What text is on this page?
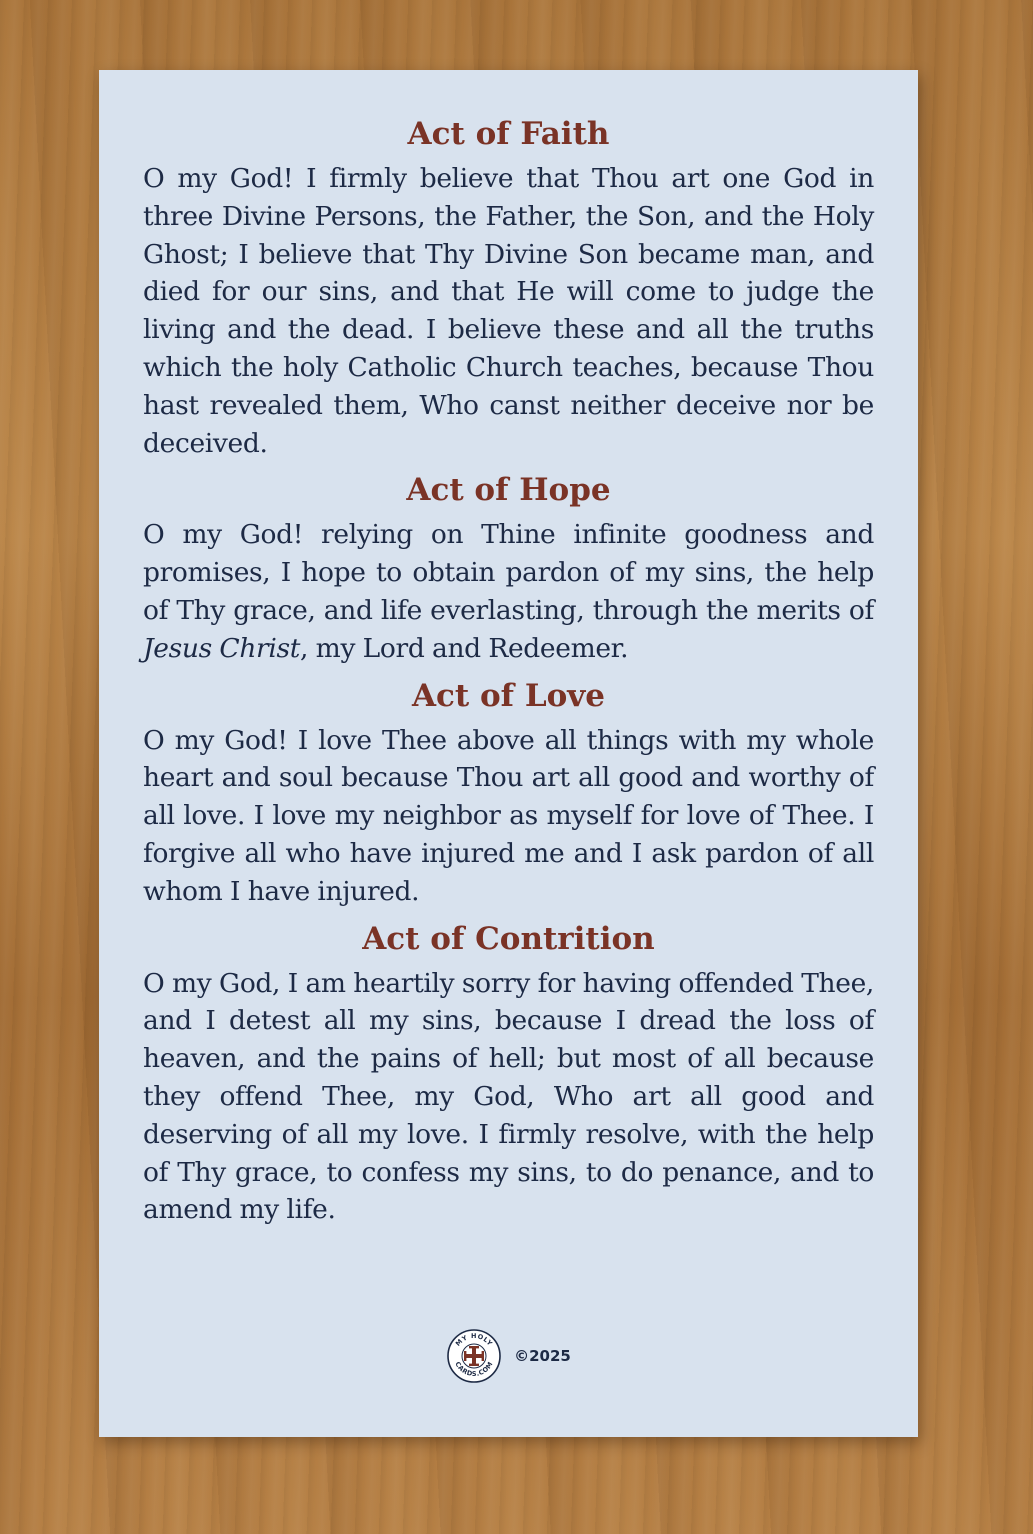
Act of Faith

O my God! I firmly believe that Thou art one God in three Divine Persons, the Father, the Son, and the Holy Ghost; I believe that Thy Divine Son became man, and died for our sins, and that He will come to judge the living and the dead. I believe these and all the truths which the holy Catholic Church teaches, because Thou hast revealed them, Who canst neither deceive nor be deceived.

Act of Hope

O my God! relying on Thine infinite goodness and promises, I hope to obtain pardon of my sins, the help of Thy grace, and life everlasting, through the merits of Jesus Christ, my Lord and Redeemer.

Act of Love

O my God! I love Thee above all things with my whole heart and soul because Thou art all good and worthy of all love. I love my neighbor as myself for love of Thee. I forgive all who have injured me and I ask pardon of all whom I have injured.

Act of Contrition

O my God, I am heartily sorry for having offended Thee, and I detest all my sins, because I dread the loss of heaven, and the pains of hell; but most of all because they offend Thee, my God, Who art all good and deserving of all my love. I firmly resolve, with the help of Thy grace, to confess my sins, to do penance, and to amend my life.

MY HOLY
CARDS.COM
©2025
